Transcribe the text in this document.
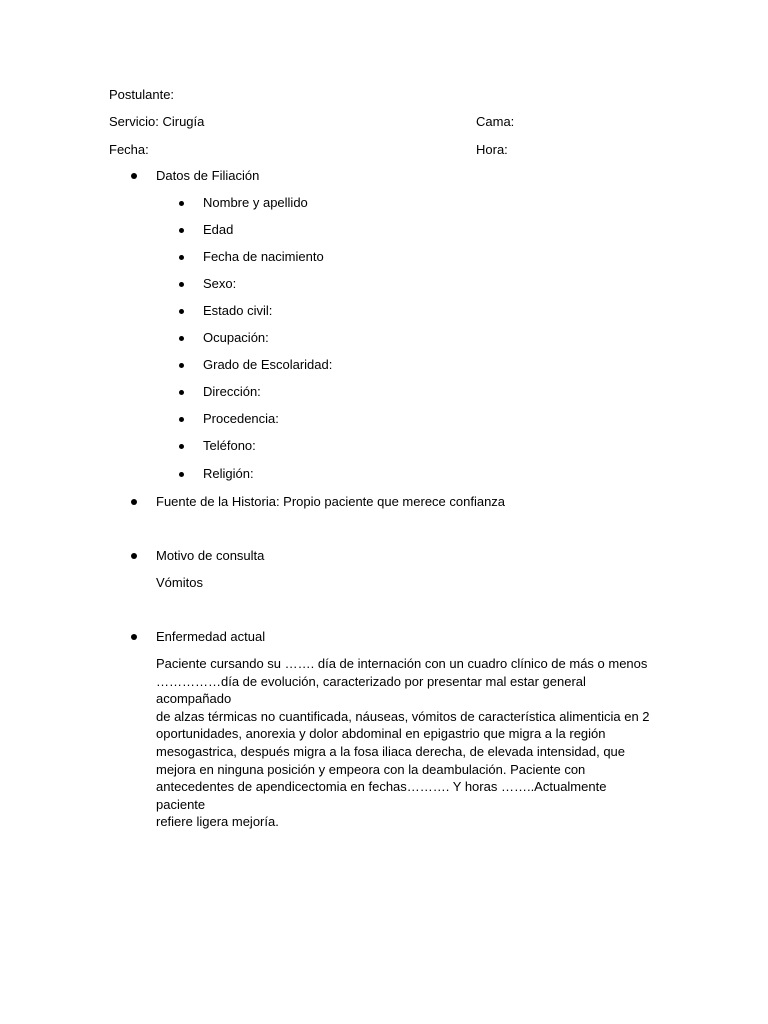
Postulante:
Servicio: Cirugía	Cama:
Fecha:	Hora:
Datos de Filiación
Nombre y apellido
Edad
Fecha de nacimiento
Sexo:
Estado civil:
Ocupación:
Grado de Escolaridad:
Dirección:
Procedencia:
Teléfono:
Religión:
Fuente de la Historia: Propio paciente que merece confianza
Motivo de consulta
Vómitos
Enfermedad actual
Paciente cursando su ……. día de internación con un cuadro clínico de más o menos
……………día de evolución, caracterizado por presentar mal estar general acompañado
de alzas térmicas no cuantificada, náuseas, vómitos de característica alimenticia en 2
oportunidades, anorexia y dolor abdominal en epigastrio que migra a la región
mesogastrica, después migra a la fosa iliaca derecha, de elevada intensidad, que
mejora en ninguna posición y empeora con la deambulación. Paciente con
antecedentes de apendicectomia en fechas………. Y horas ……..Actualmente paciente
refiere ligera mejoría.
